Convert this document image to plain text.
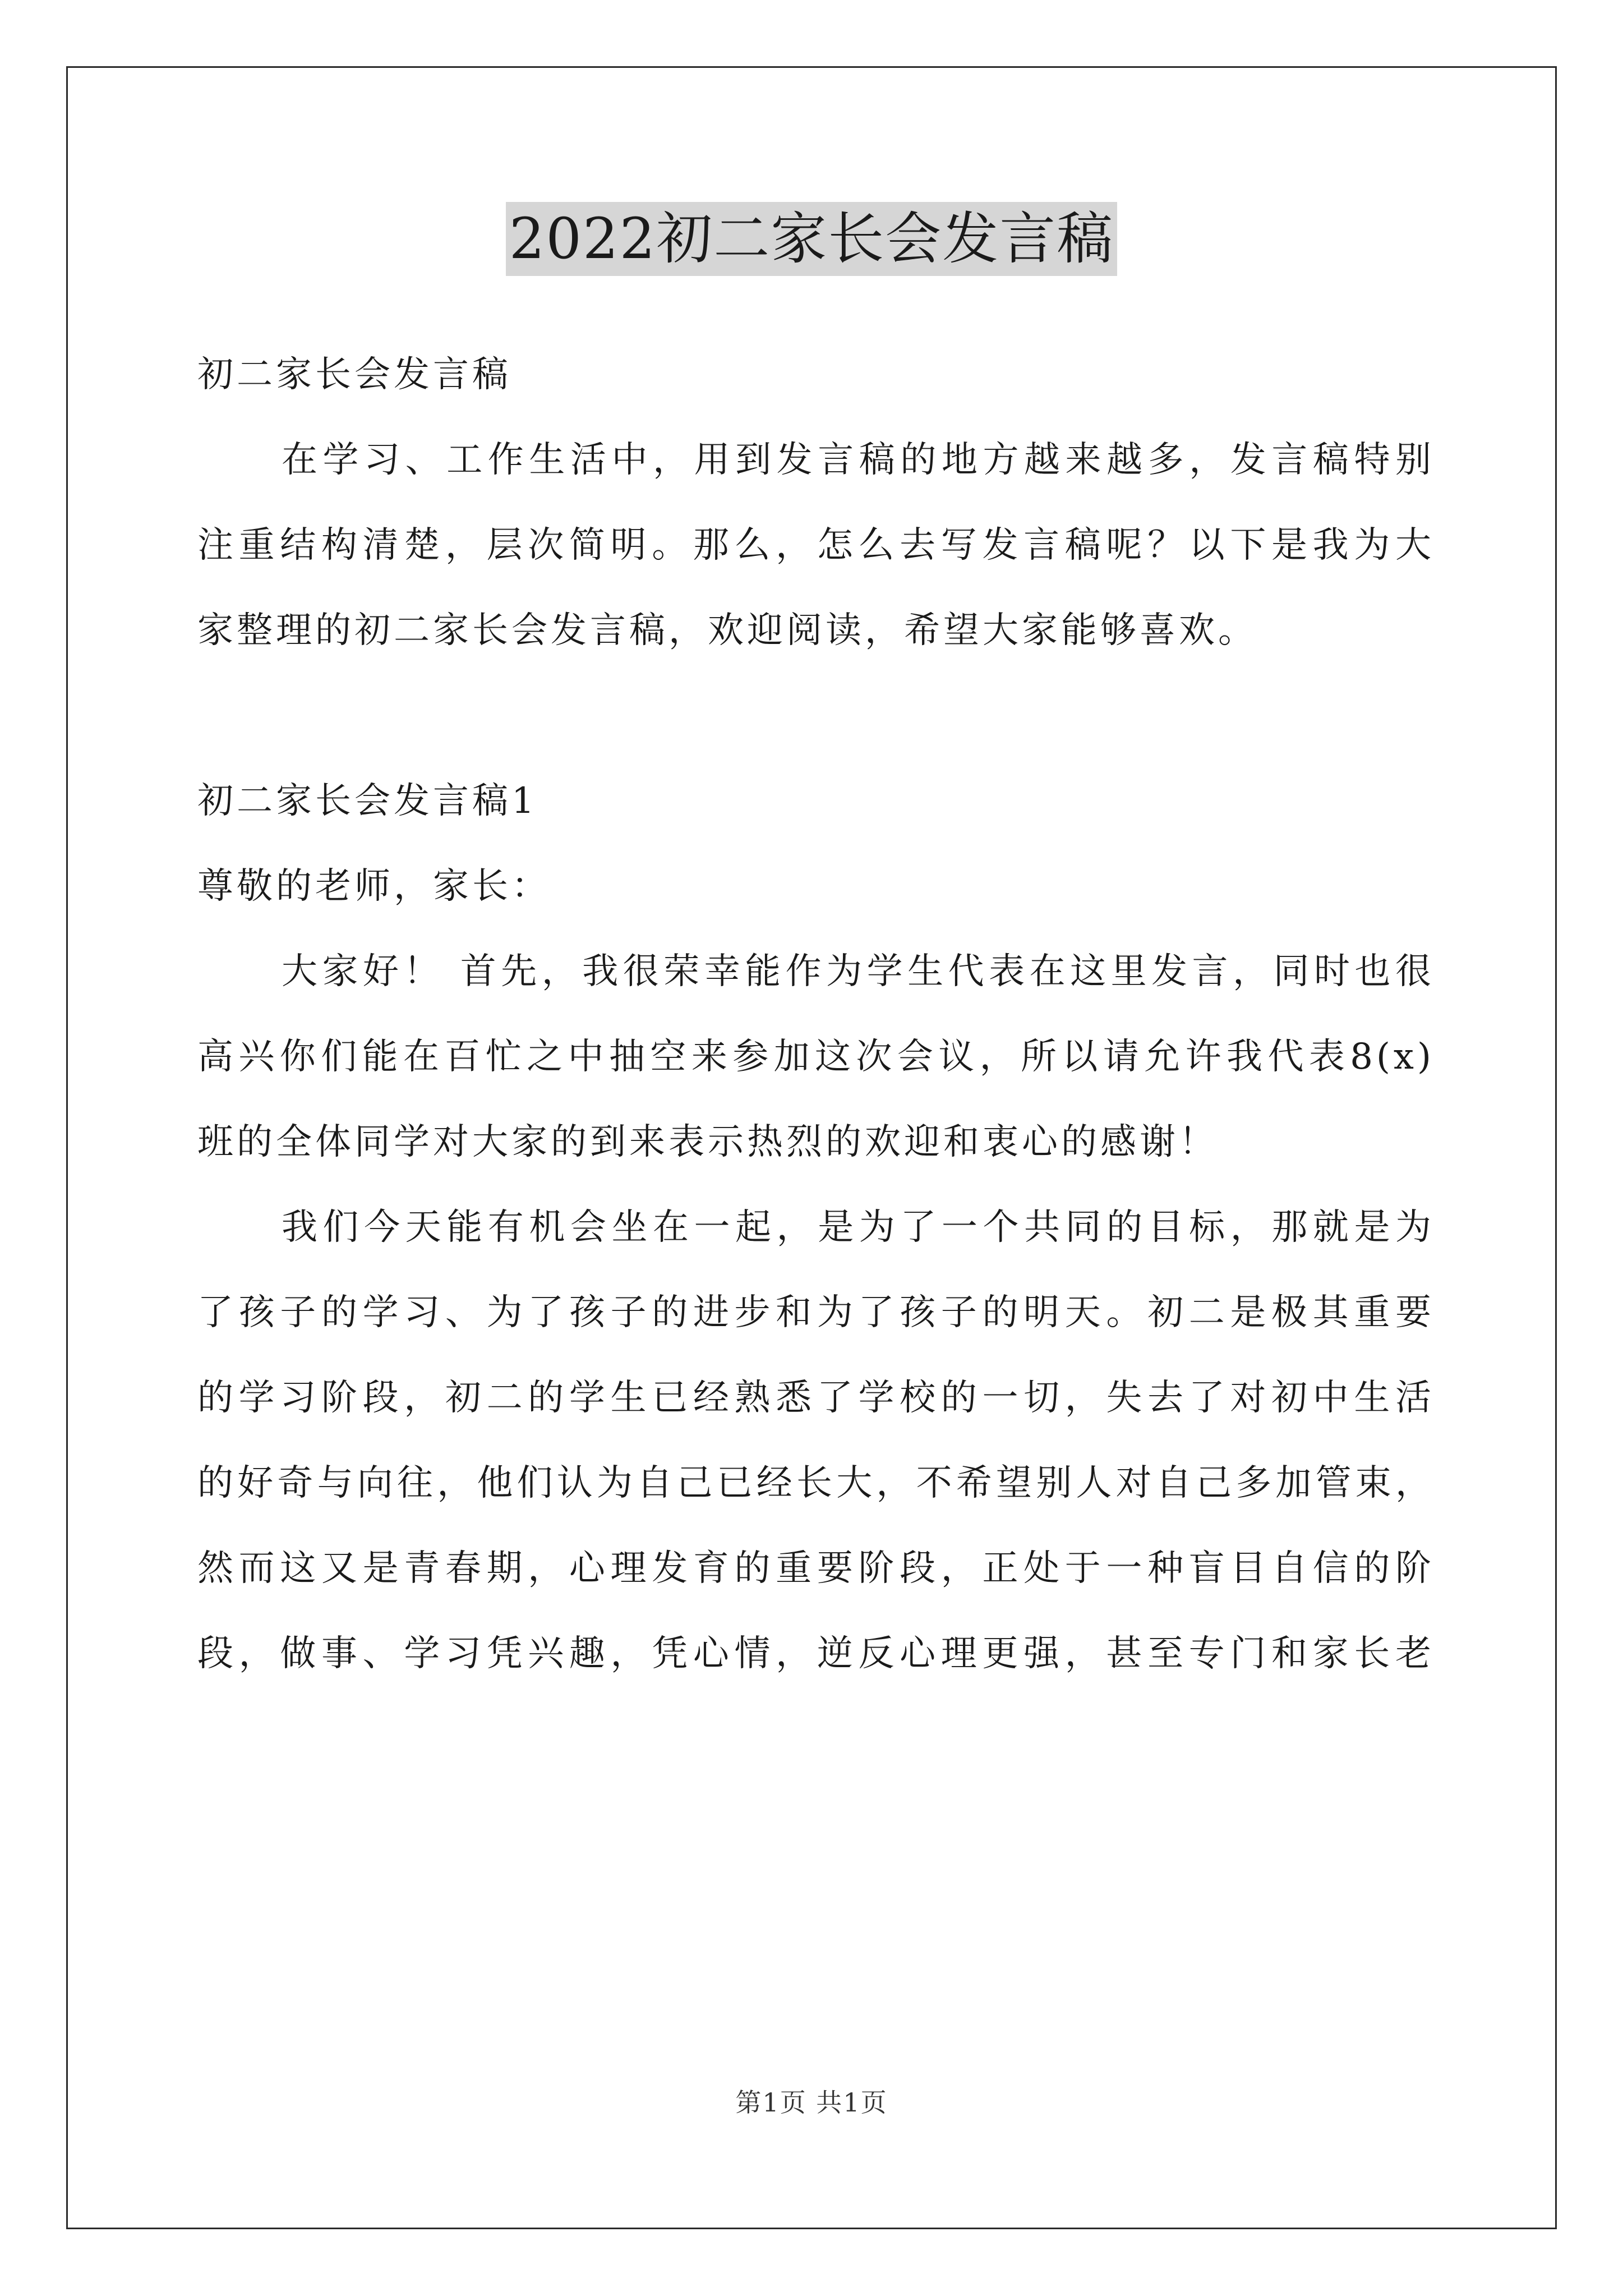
2022初二家长会发言稿
初二家长会发言稿
在学习、工作生活中，用到发言稿的地方越来越多，发言稿特别
注重结构清楚，层次简明。那么，怎么去写发言稿呢？以下是我为大
家整理的初二家长会发言稿，欢迎阅读，希望大家能够喜欢。
初二家长会发言稿1
尊敬的老师，家长：
大家好！ 首先，我很荣幸能作为学生代表在这里发言，同时也很
高兴你们能在百忙之中抽空来参加这次会议，所以请允许我代表8(x)
班的全体同学对大家的到来表示热烈的欢迎和衷心的感谢！
我们今天能有机会坐在一起，是为了一个共同的目标，那就是为
了孩子的学习、为了孩子的进步和为了孩子的明天。初二是极其重要
的学习阶段，初二的学生已经熟悉了学校的一切，失去了对初中生活
的好奇与向往，他们认为自己已经长大，不希望别人对自己多加管束，
然而这又是青春期，心理发育的重要阶段，正处于一种盲目自信的阶
段，做事、学习凭兴趣，凭心情，逆反心理更强，甚至专门和家长老
第1页 共1页
